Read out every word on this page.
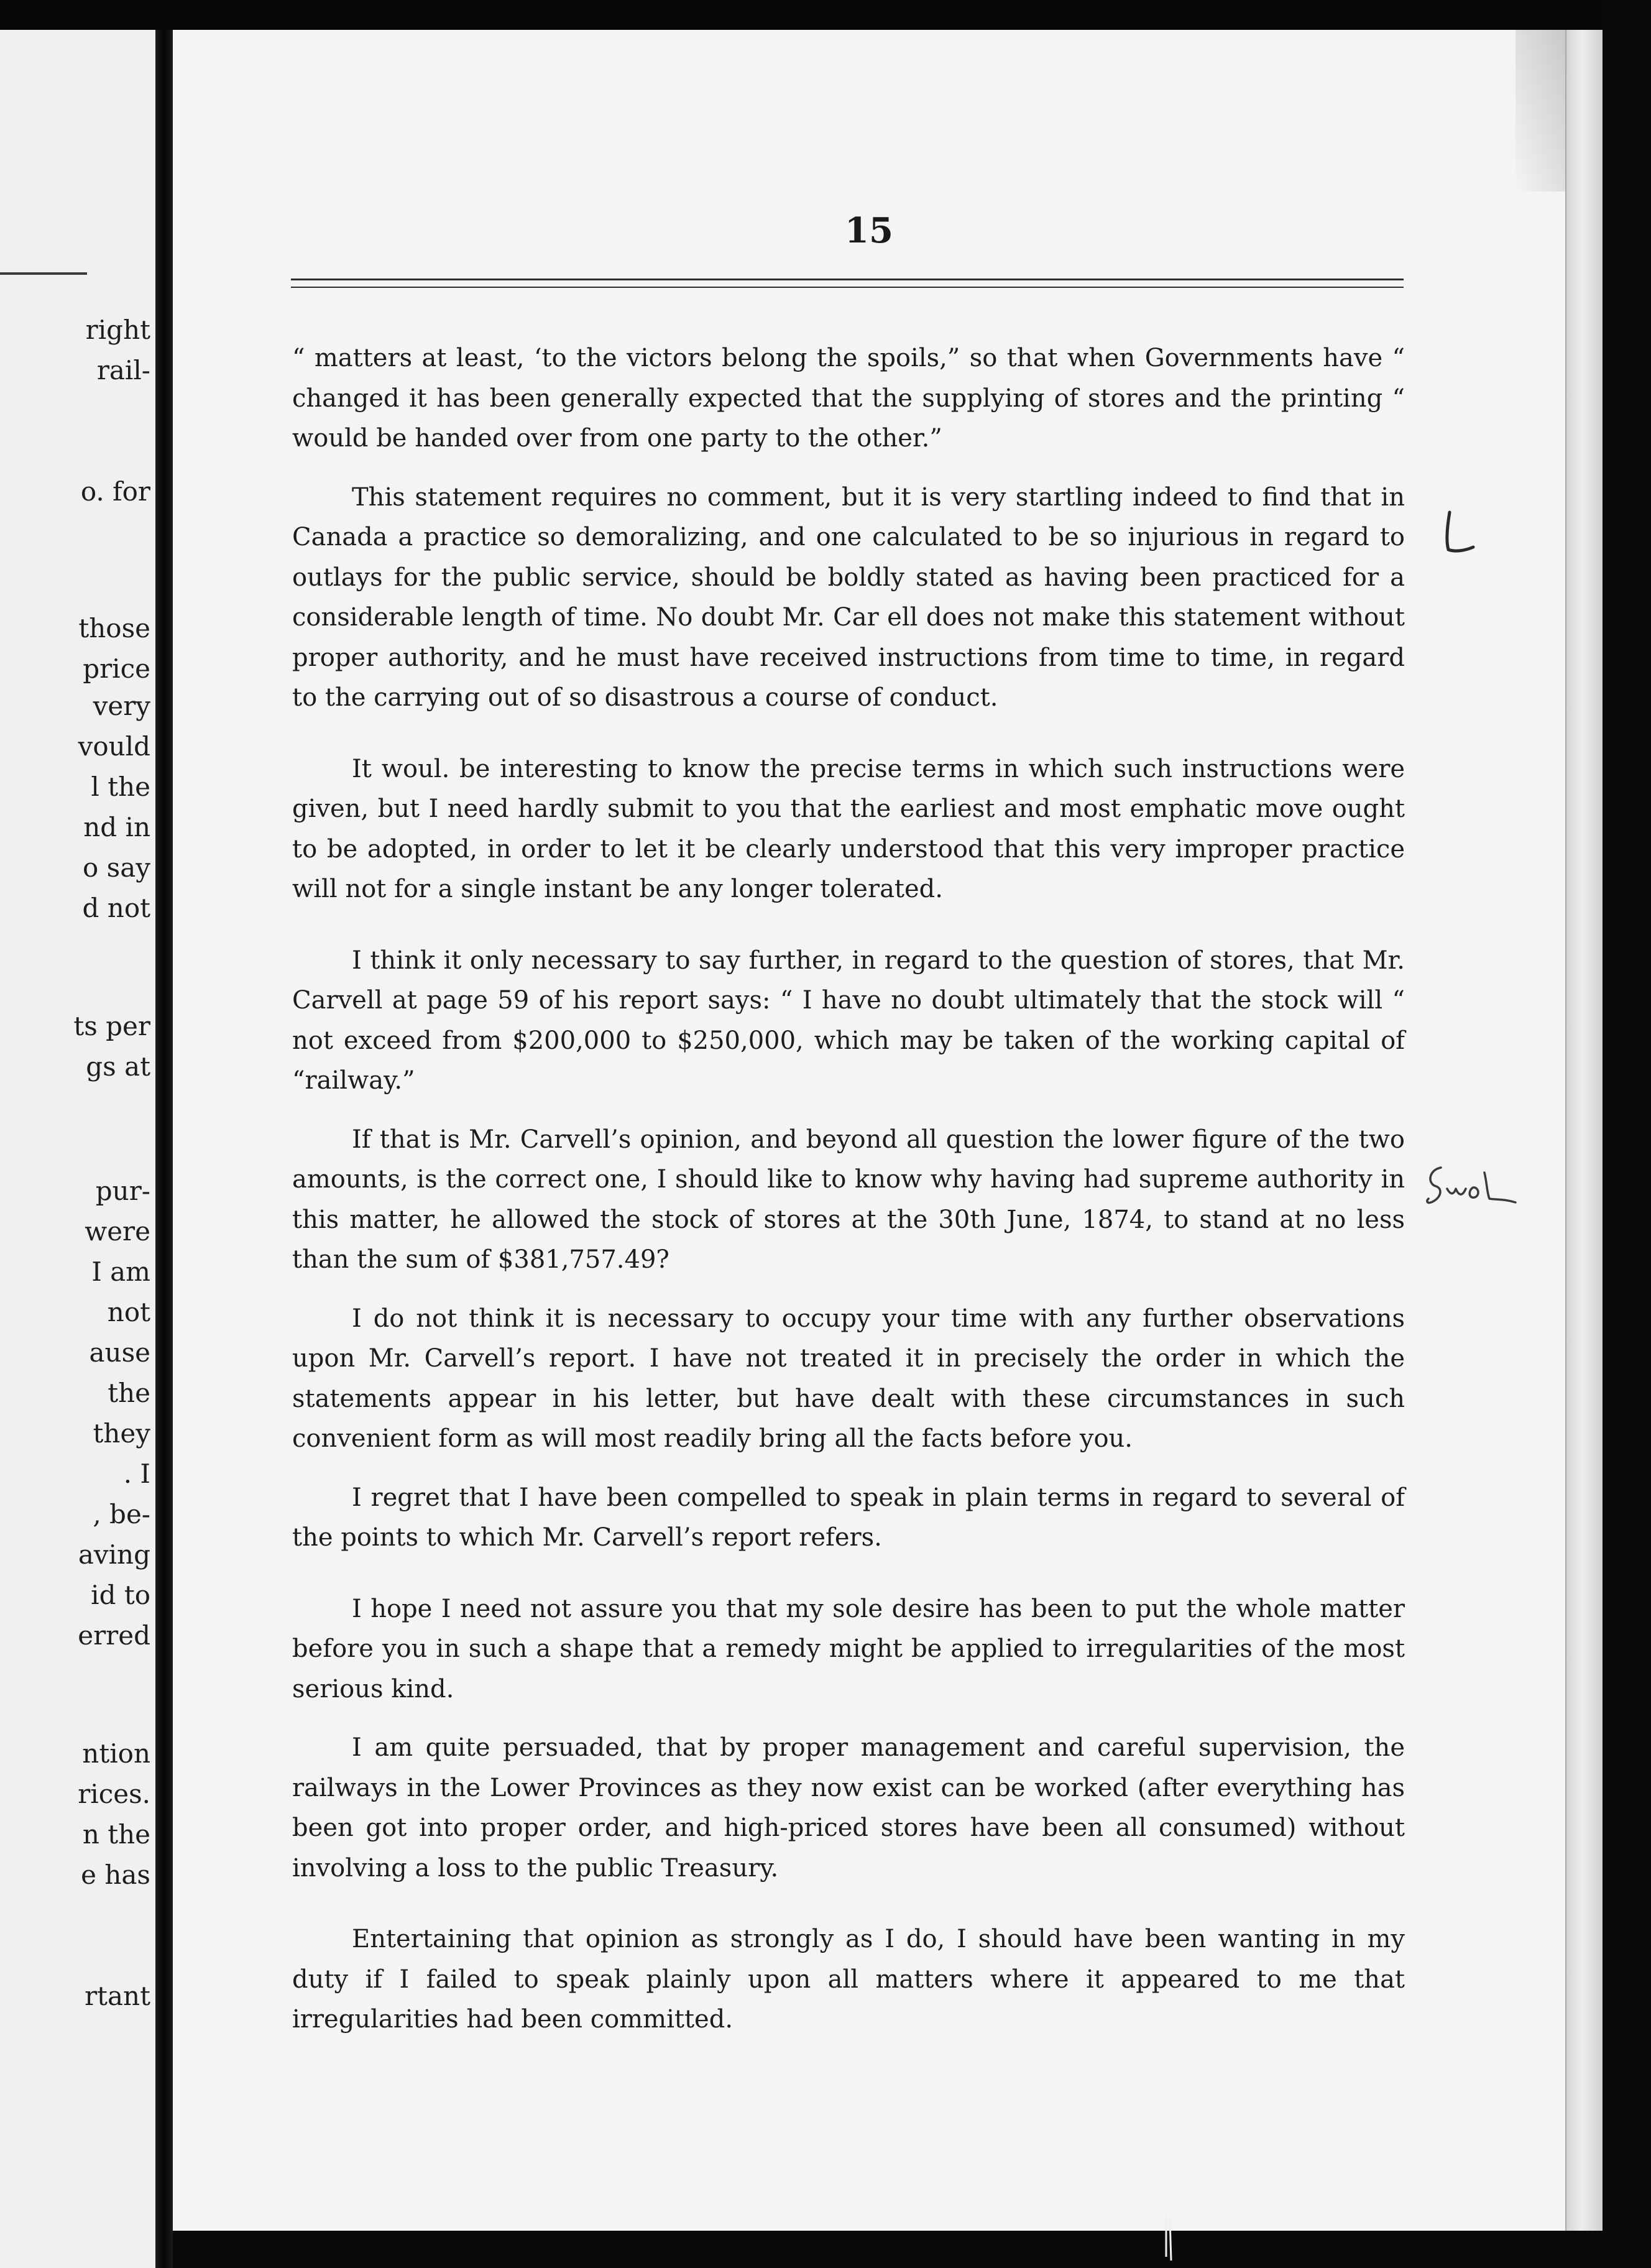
right
rail-
o. for
those
price
very
vould
l the
nd in
o say
d not
ts per
gs at
pur-
were
I am
not
ause
the
they
. I
, be-
aving
id to
erred
ntion
rices.
n the
e has
rtant
15

“ matters at least, ‘to the victors belong the spoils,” so that when Governments have “ changed it has been generally expected that the supplying of stores and the printing “ would be handed over from one party to the other.”

This statement requires no comment, but it is very startling indeed to find that in Canada a practice so demoralizing, and one calculated to be so injurious in regard to outlays for the public service, should be boldly stated as having been practiced for a considerable length of time. No doubt Mr. Car ell does not make this statement without proper authority, and he must have received instructions from time to time, in regard to the carrying out of so disastrous a course of conduct.

It woul. be interesting to know the precise terms in which such instructions were given, but I need hardly submit to you that the earliest and most emphatic move ought to be adopted, in order to let it be clearly understood that this very improper practice will not for a single instant be any longer tolerated.

I think it only necessary to say further, in regard to the question of stores, that Mr. Carvell at page 59 of his report says: “ I have no doubt ultimately that the stock will “ not exceed from $200,000 to $250,000, which may be taken of the working capital of “railway.”

If that is Mr. Carvell’s opinion, and beyond all question the lower figure of the two amounts, is the correct one, I should like to know why having had supreme authority in this matter, he allowed the stock of stores at the 30th June, 1874, to stand at no less than the sum of $381,757.49?

I do not think it is necessary to occupy your time with any further observations upon Mr. Carvell’s report. I have not treated it in precisely the order in which the statements appear in his letter, but have dealt with these circumstances in such convenient form as will most readily bring all the facts before you.

I regret that I have been compelled to speak in plain terms in regard to several of the points to which Mr. Carvell’s report refers.

I hope I need not assure you that my sole desire has been to put the whole matter before you in such a shape that a remedy might be applied to irregularities of the most serious kind.

I am quite persuaded, that by proper management and careful supervision, the railways in the Lower Provinces as they now exist can be worked (after everything has been got into proper order, and high-priced stores have been all consumed) without involving a loss to the public Treasury.

Entertaining that opinion as strongly as I do, I should have been wanting in my duty if I failed to speak plainly upon all matters where it appeared to me that irregularities had been committed.
